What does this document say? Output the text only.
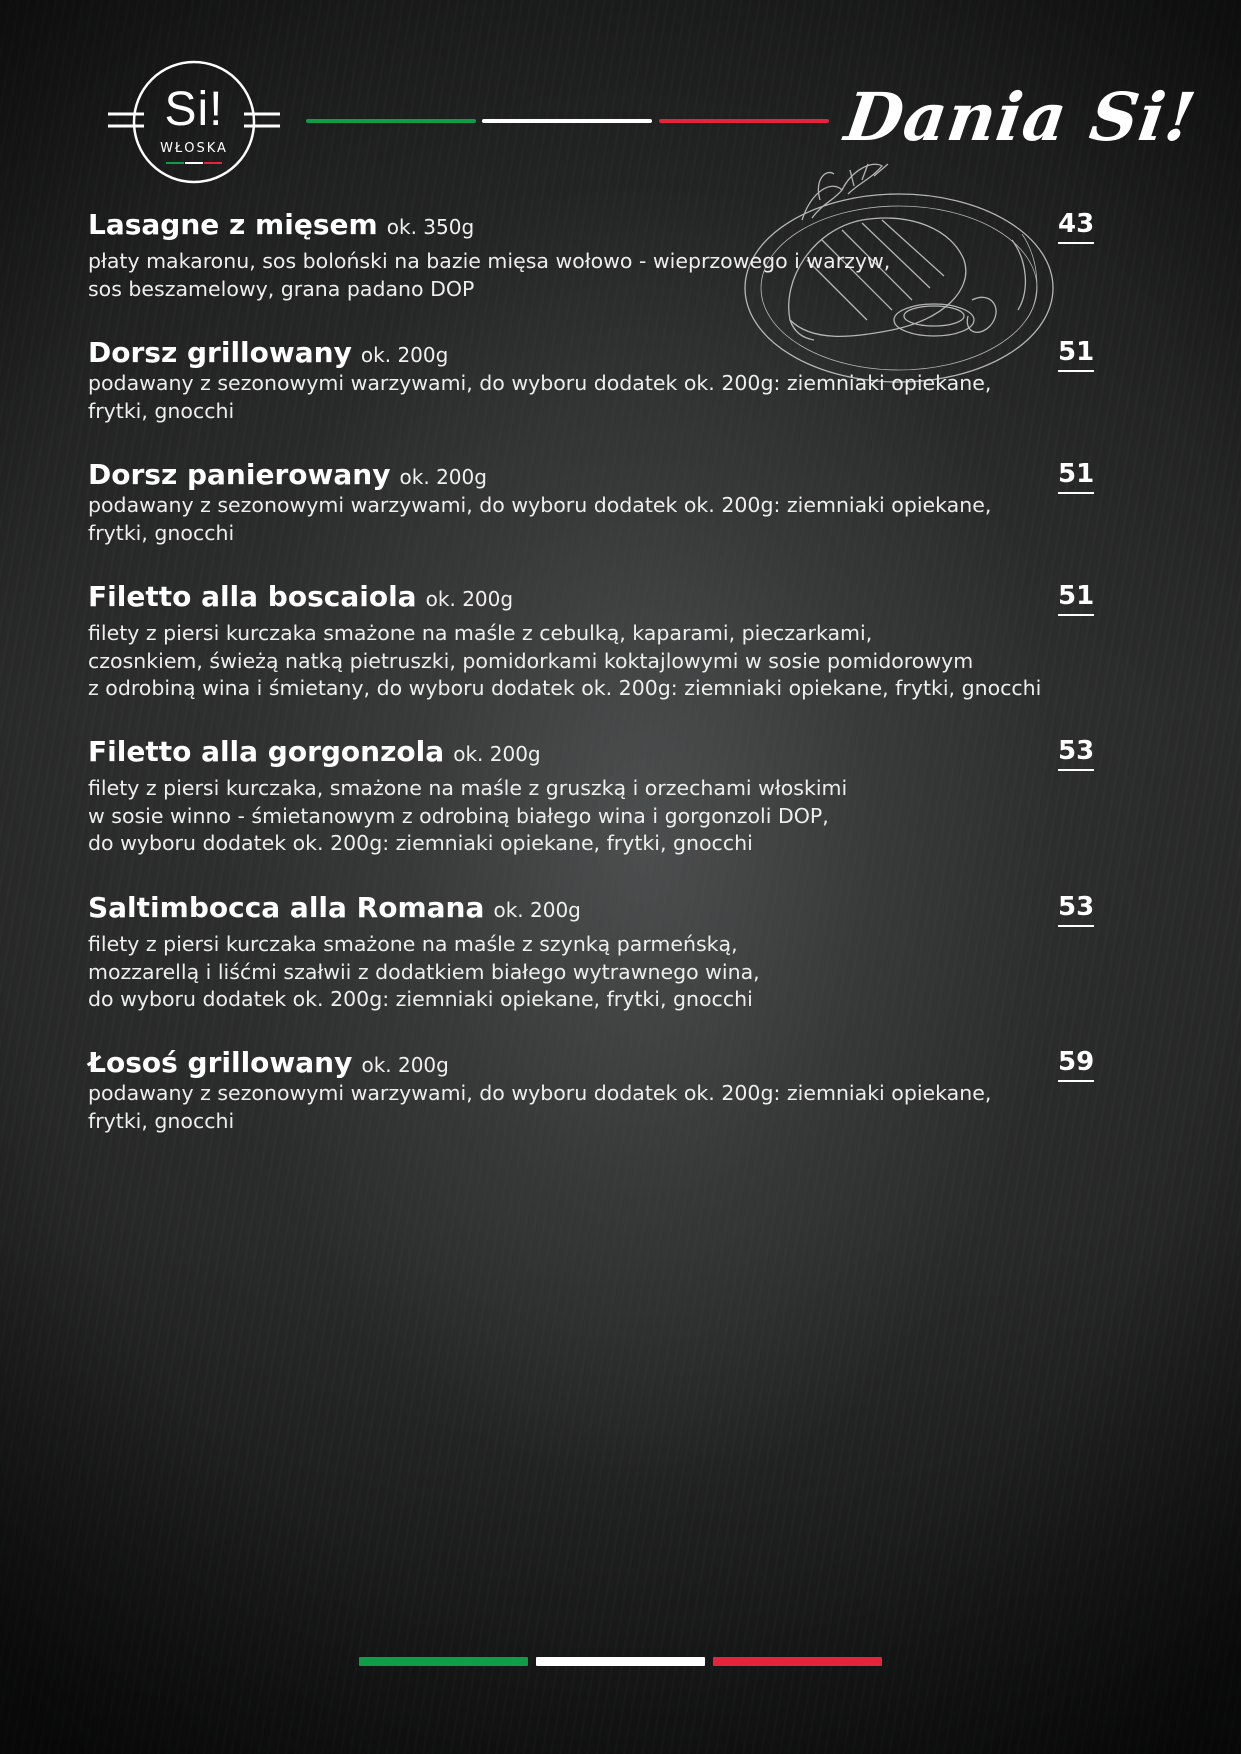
Si!
WŁOSKA	Dania Si!
Lasagne z mięsem ok. 350g
płaty makaronu, sos boloński na bazie mięsa wołowo - wieprzowego i warzyw,
sos beszamelowy, grana padano DOP
43
Dorsz grillowany ok. 200g
podawany z sezonowymi warzywami, do wyboru dodatek ok. 200g: ziemniaki opiekane,
frytki, gnocchi
51
Dorsz panierowany ok. 200g
podawany z sezonowymi warzywami, do wyboru dodatek ok. 200g: ziemniaki opiekane,
frytki, gnocchi
51
Filetto alla boscaiola ok. 200g
filety z piersi kurczaka smażone na maśle z cebulką, kaparami, pieczarkami,
czosnkiem, świeżą natką pietruszki, pomidorkami koktajlowymi w sosie pomidorowym
z odrobiną wina i śmietany, do wyboru dodatek ok. 200g: ziemniaki opiekane, frytki, gnocchi
51
Filetto alla gorgonzola ok. 200g
filety z piersi kurczaka, smażone na maśle z gruszką i orzechami włoskimi
w sosie winno - śmietanowym z odrobiną białego wina i gorgonzoli DOP,
do wyboru dodatek ok. 200g: ziemniaki opiekane, frytki, gnocchi
53
Saltimbocca alla Romana ok. 200g
filety z piersi kurczaka smażone na maśle z szynką parmeńską,
mozzarellą i liśćmi szałwii z dodatkiem białego wytrawnego wina,
do wyboru dodatek ok. 200g: ziemniaki opiekane, frytki, gnocchi
53
Łosoś grillowany ok. 200g
podawany z sezonowymi warzywami, do wyboru dodatek ok. 200g: ziemniaki opiekane,
frytki, gnocchi
59
